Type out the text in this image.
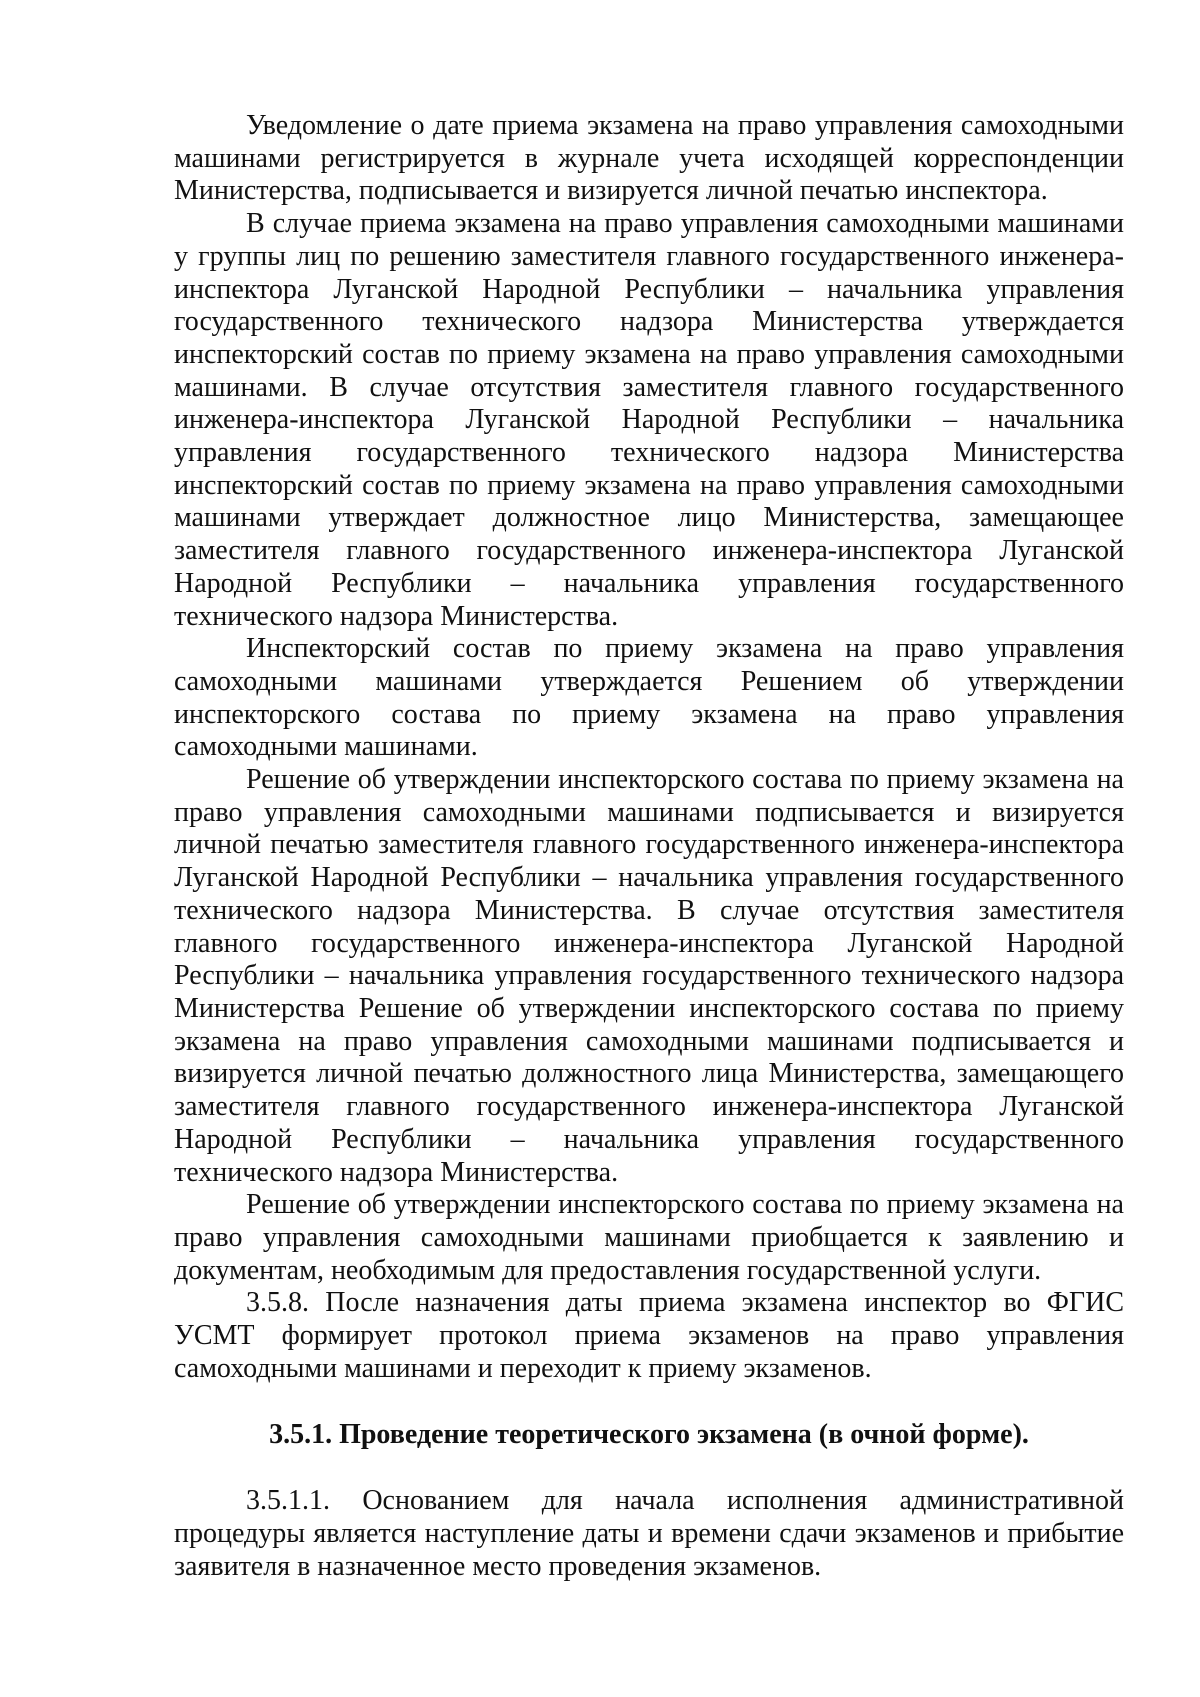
Уведомление о дате приема экзамена на право управления самоходными машинами регистрируется в журнале учета исходящей корреспонденции Министерства, подписывается и визируется личной печатью инспектора.

В случае приема экзамена на право управления самоходными машинами у группы лиц по решению заместителя главного государственного инженера-инспектора Луганской Народной Республики – начальника управления государственного технического надзора Министерства утверждается инспекторский состав по приему экзамена на право управления самоходными машинами. В случае отсутствия заместителя главного государственного инженера-инспектора Луганской Народной Республики – начальника управления государственного технического надзора Министерства инспекторский состав по приему экзамена на право управления самоходными машинами утверждает должностное лицо Министерства, замещающее заместителя главного государственного инженера-инспектора Луганской Народной Республики – начальника управления государственного технического надзора Министерства.

Инспекторский состав по приему экзамена на право управления самоходными машинами утверждается Решением об утверждении инспекторского состава по приему экзамена на право управления самоходными машинами.

Решение об утверждении инспекторского состава по приему экзамена на право управления самоходными машинами подписывается и визируется личной печатью заместителя главного государственного инженера-инспектора Луганской Народной Республики – начальника управления государственного технического надзора Министерства. В случае отсутствия заместителя главного государственного инженера-инспектора Луганской Народной Республики – начальника управления государственного технического надзора Министерства Решение об утверждении инспекторского состава по приему экзамена на право управления самоходными машинами подписывается и визируется личной печатью должностного лица Министерства, замещающего заместителя главного государственного инженера-инспектора Луганской Народной Республики – начальника управления государственного технического надзора Министерства.

Решение об утверждении инспекторского состава по приему экзамена на право управления самоходными машинами приобщается к заявлению и документам, необходимым для предоставления государственной услуги.

3.5.8. После назначения даты приема экзамена инспектор во ФГИС УСМТ формирует протокол приема экзаменов на право управления самоходными машинами и переходит к приему экзаменов.

3.5.1. Проведение теоретического экзамена (в очной форме).

3.5.1.1. Основанием для начала исполнения административной процедуры является наступление даты и времени сдачи экзаменов и прибытие заявителя в назначенное место проведения экзаменов.
